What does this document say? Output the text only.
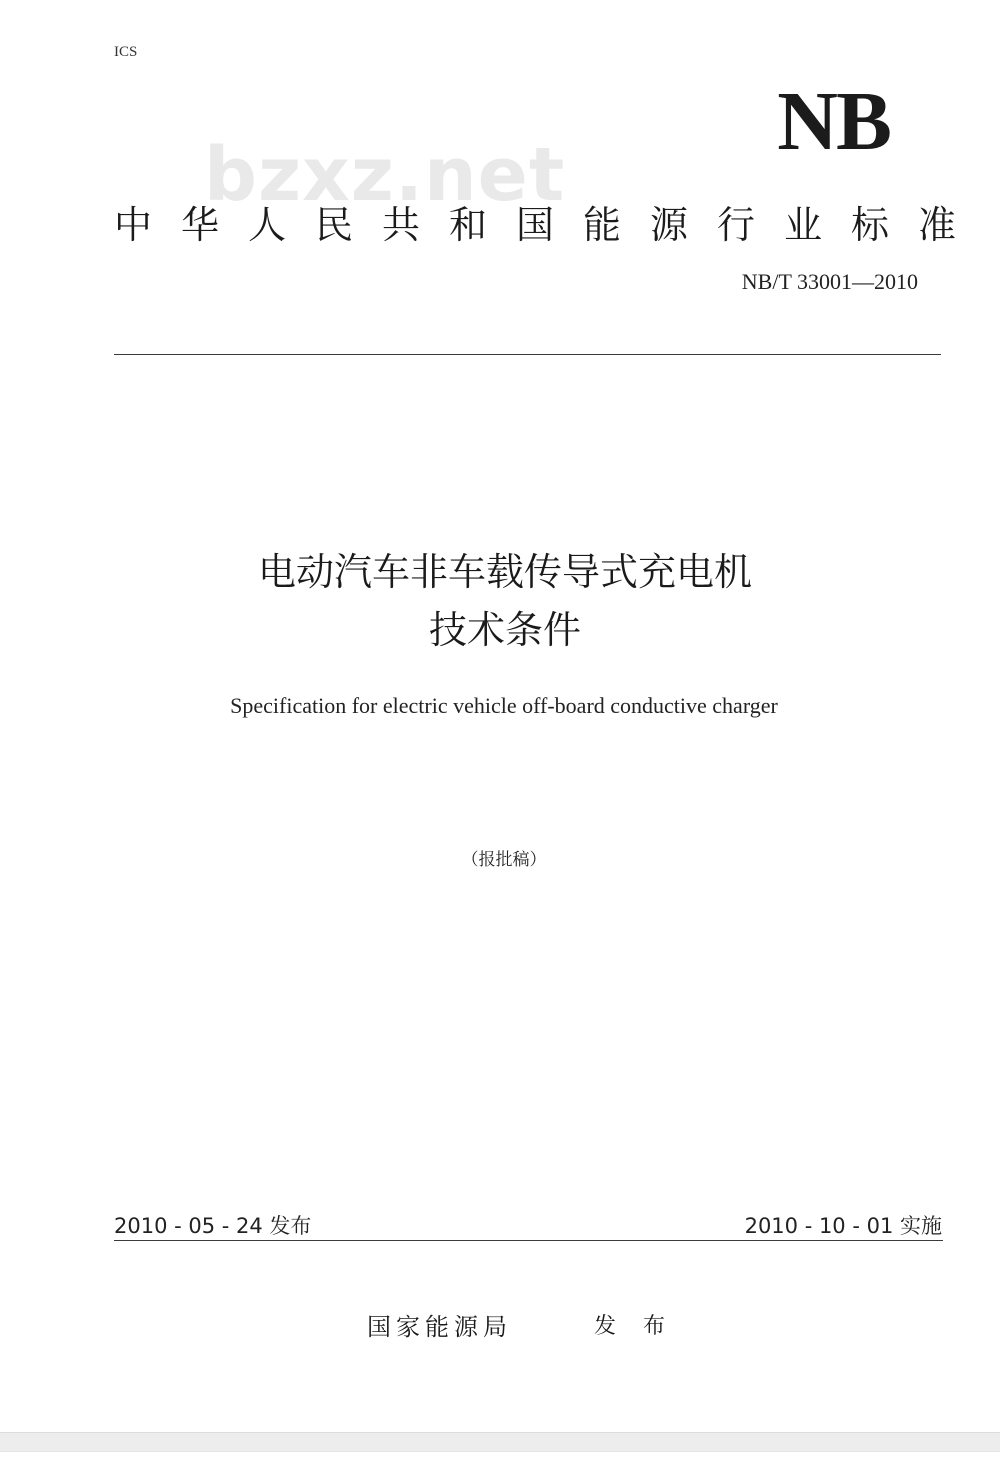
ICS
NB
bzxz.net
中华人民共和国能源行业标准
NB/T 33001—2010
电动汽车非车载传导式充电机
技术条件
Specification for electric vehicle off-board conductive charger
（报批稿）
2010 - 05 - 24 发布	2010 - 10 - 01 实施
国家能源局	发 布
